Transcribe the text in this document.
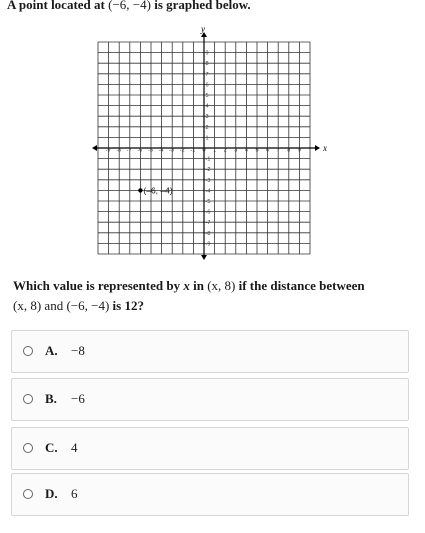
A point located at (−6, −4) is graphed below.
x
y
-9 -8 -7 -6 -5 -4 -3 -2 -1 0 1 2 3 4 5 6 7 8 9
9
8
7
6
5
4
3
2
1
-1
-2
-3
-4
-5
-6
-7
-8
-9
(–6, –4)
Which value is represented by x in (x, 8) if the distance between
(x, 8) and (−6, −4) is 12?
A. −8
B. −6
C. 4
D. 6
